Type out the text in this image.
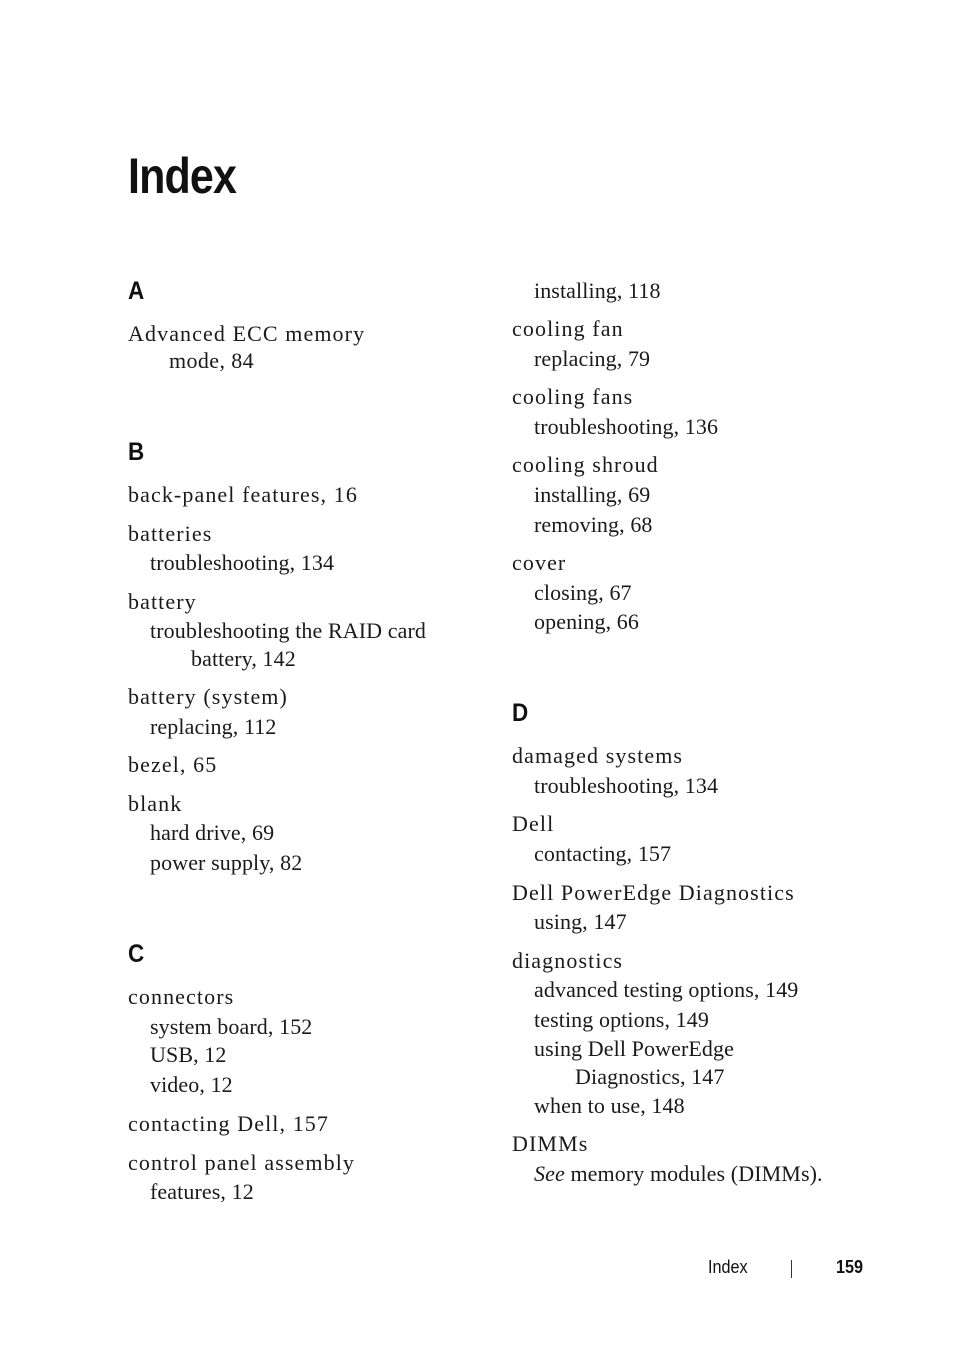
Index
A
Advanced ECC memory
mode, 84
B
back-panel features, 16
batteries
troubleshooting, 134
battery
troubleshooting the RAID card
battery, 142
battery (system)
replacing, 112
bezel, 65
blank
hard drive, 69
power supply, 82
C
connectors
system board, 152
USB, 12
video, 12
contacting Dell, 157
control panel assembly
features, 12
installing, 118
cooling fan
replacing, 79
cooling fans
troubleshooting, 136
cooling shroud
installing, 69
removing, 68
cover
closing, 67
opening, 66
D
damaged systems
troubleshooting, 134
Dell
contacting, 157
Dell PowerEdge Diagnostics
using, 147
diagnostics
advanced testing options, 149
testing options, 149
using Dell PowerEdge
Diagnostics, 147
when to use, 148
DIMMs
See memory modules (DIMMs).
Index	159
